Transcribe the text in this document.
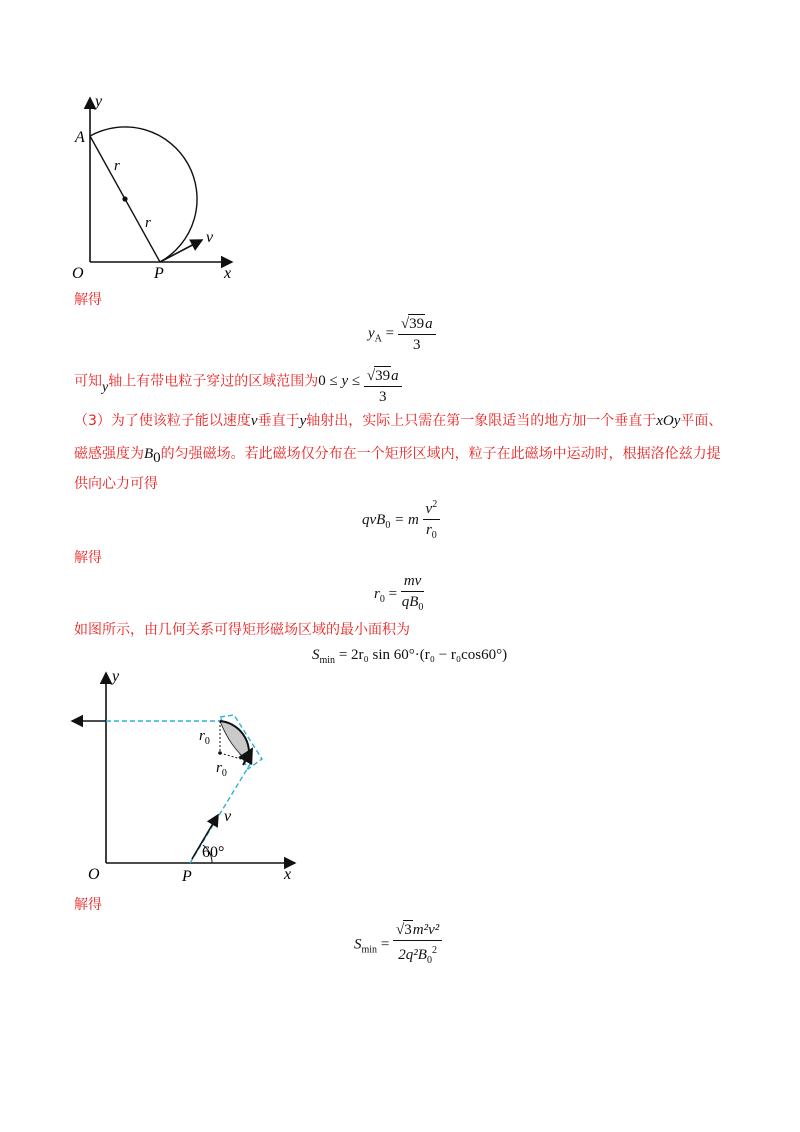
y
x
O
A
P
r
r
v
解得
$y_A = \frac{√39a}{3}$
可知y轴上有带电粒子穿过的区域范围为$0 \le y \le \frac{√39a}{3}$
（3）为了使该粒子能以速度v垂直于y轴射出，实际上只需在第一象限适当的地方加一个垂直于xOy平面、
磁感强度为$B_0$的匀强磁场。若此磁场仅分布在一个矩形区域内，粒子在此磁场中运动时，根据洛伦兹力提
供向心力可得
qvB$_0$ = m $\frac{v^2}{r_0}$
解得
$r_0 = \frac{mv}{qB_0}$
如图所示，由几何关系可得矩形磁场区域的最小面积为
$S_{min} = 2r_0$ sin 60°·(r₀ − r₀cos60°)
y
x
O	P
v
60°
$r_0$
$r_0$
解得
$S_{min} = \frac{\text{√3m²v²}}{2q^2B_0^2}$
